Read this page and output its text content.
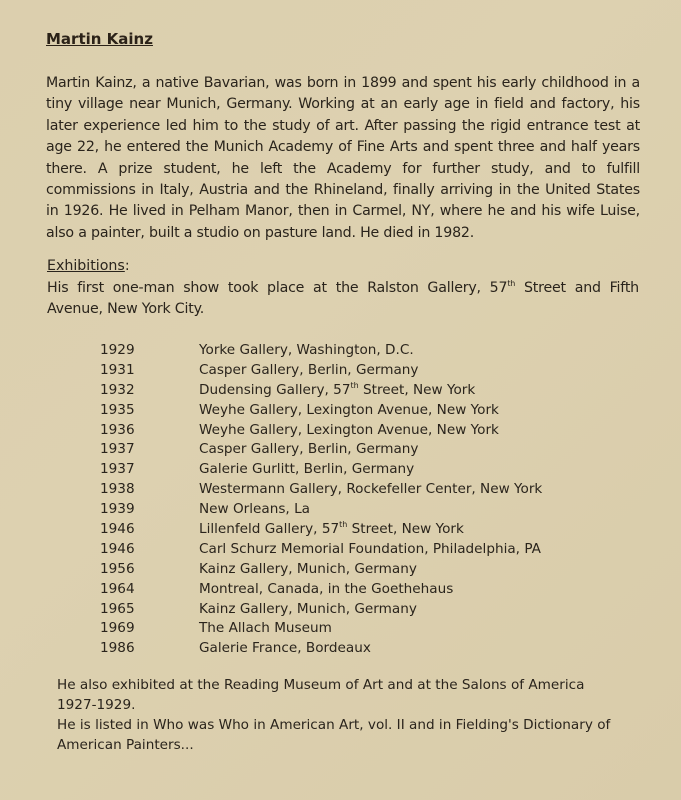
Martin Kainz
Martin Kainz, a native Bavarian, was born in 1899 and spent his early childhood in a tiny village near Munich, Germany. Working at an early age in field and factory, his later experience led him to the study of art. After passing the rigid entrance test at age 22, he entered the Munich Academy of Fine Arts and spent three and half years there. A prize student, he left the Academy for further study, and to fulfill commissions in Italy, Austria and the Rhineland, finally arriving in the United States in 1926. He lived in Pelham Manor, then in Carmel, NY, where he and his wife Luise, also a painter, built a studio on pasture land. He died in 1982.
Exhibitions:
His first one-man show took place at the Ralston Gallery, 57th Street and Fifth Avenue, New York City.
1929	Yorke Gallery, Washington, D.C.
1931	Casper Gallery, Berlin, Germany
1932	Dudensing Gallery, 57th Street, New York
1935	Weyhe Gallery, Lexington Avenue, New York
1936	Weyhe Gallery, Lexington Avenue, New York
1937	Casper Gallery, Berlin, Germany
1937	Galerie Gurlitt, Berlin, Germany
1938	Westermann Gallery, Rockefeller Center, New York
1939	New Orleans, La
1946	Lillenfeld Gallery, 57th Street, New York
1946	Carl Schurz Memorial Foundation, Philadelphia, PA
1956	Kainz Gallery, Munich, Germany
1964	Montreal, Canada, in the Goethehaus
1965	Kainz Gallery, Munich, Germany
1969	The Allach Museum
1986	Galerie France, Bordeaux
He also exhibited at the Reading Museum of Art and at the Salons of America
1927-1929.
He is listed in Who was Who in American Art, vol. II and in Fielding's Dictionary of
American Painters...
